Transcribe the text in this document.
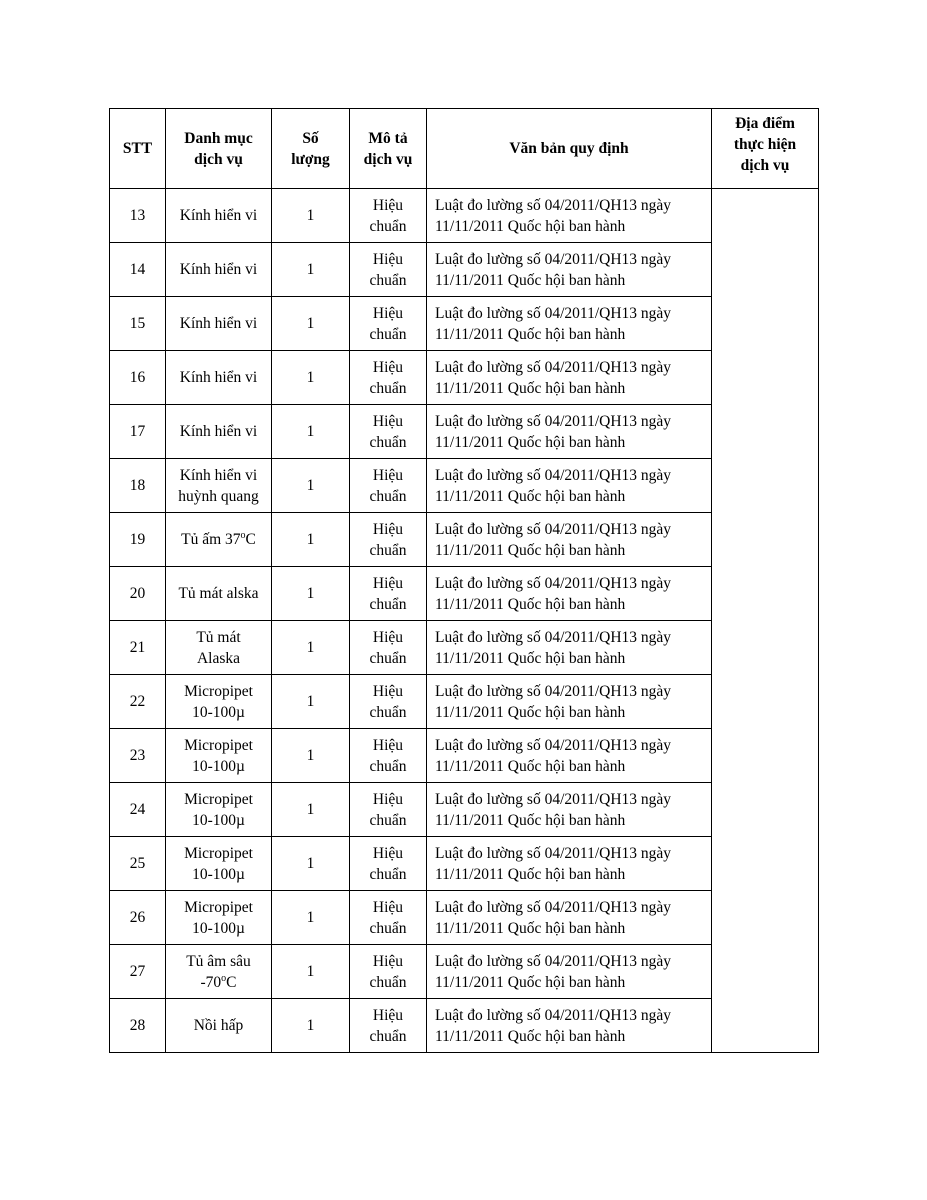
STT	Danh mục dịch vụ	Số lượng	Mô tả dịch vụ	Văn bản quy định	Địa điểm thực hiện dịch vụ
13	Kính hiển vi	1	Hiệu chuẩn	Luật đo lường số 04/2011/QH13 ngày 11/11/2011 Quốc hội ban hành	
14	Kính hiển vi	1	Hiệu chuẩn	Luật đo lường số 04/2011/QH13 ngày 11/11/2011 Quốc hội ban hành	
15	Kính hiển vi	1	Hiệu chuẩn	Luật đo lường số 04/2011/QH13 ngày 11/11/2011 Quốc hội ban hành	
16	Kính hiển vi	1	Hiệu chuẩn	Luật đo lường số 04/2011/QH13 ngày 11/11/2011 Quốc hội ban hành	
17	Kính hiển vi	1	Hiệu chuẩn	Luật đo lường số 04/2011/QH13 ngày 11/11/2011 Quốc hội ban hành	
18	Kính hiển vi huỳnh quang	1	Hiệu chuẩn	Luật đo lường số 04/2011/QH13 ngày 11/11/2011 Quốc hội ban hành	
19	Tủ ấm 37$^o$C	1	Hiệu chuẩn	Luật đo lường số 04/2011/QH13 ngày 11/11/2011 Quốc hội ban hành	
20	Tủ mát alska	1	Hiệu chuẩn	Luật đo lường số 04/2011/QH13 ngày 11/11/2011 Quốc hội ban hành	
21	Tủ mát Alaska	1	Hiệu chuẩn	Luật đo lường số 04/2011/QH13 ngày 11/11/2011 Quốc hội ban hành	
22	Micropipet 10-100µ	1	Hiệu chuẩn	Luật đo lường số 04/2011/QH13 ngày 11/11/2011 Quốc hội ban hành	
23	Micropipet 10-100µ	1	Hiệu chuẩn	Luật đo lường số 04/2011/QH13 ngày 11/11/2011 Quốc hội ban hành	
24	Micropipet 10-100µ	1	Hiệu chuẩn	Luật đo lường số 04/2011/QH13 ngày 11/11/2011 Quốc hội ban hành	
25	Micropipet 10-100µ	1	Hiệu chuẩn	Luật đo lường số 04/2011/QH13 ngày 11/11/2011 Quốc hội ban hành	
26	Micropipet 10-100µ	1	Hiệu chuẩn	Luật đo lường số 04/2011/QH13 ngày 11/11/2011 Quốc hội ban hành	
27	Tủ âm sâu -70$^o$C	1	Hiệu chuẩn	Luật đo lường số 04/2011/QH13 ngày 11/11/2011 Quốc hội ban hành	
28	Nồi hấp	1	Hiệu chuẩn	Luật đo lường số 04/2011/QH13 ngày 11/11/2011 Quốc hội ban hành	
